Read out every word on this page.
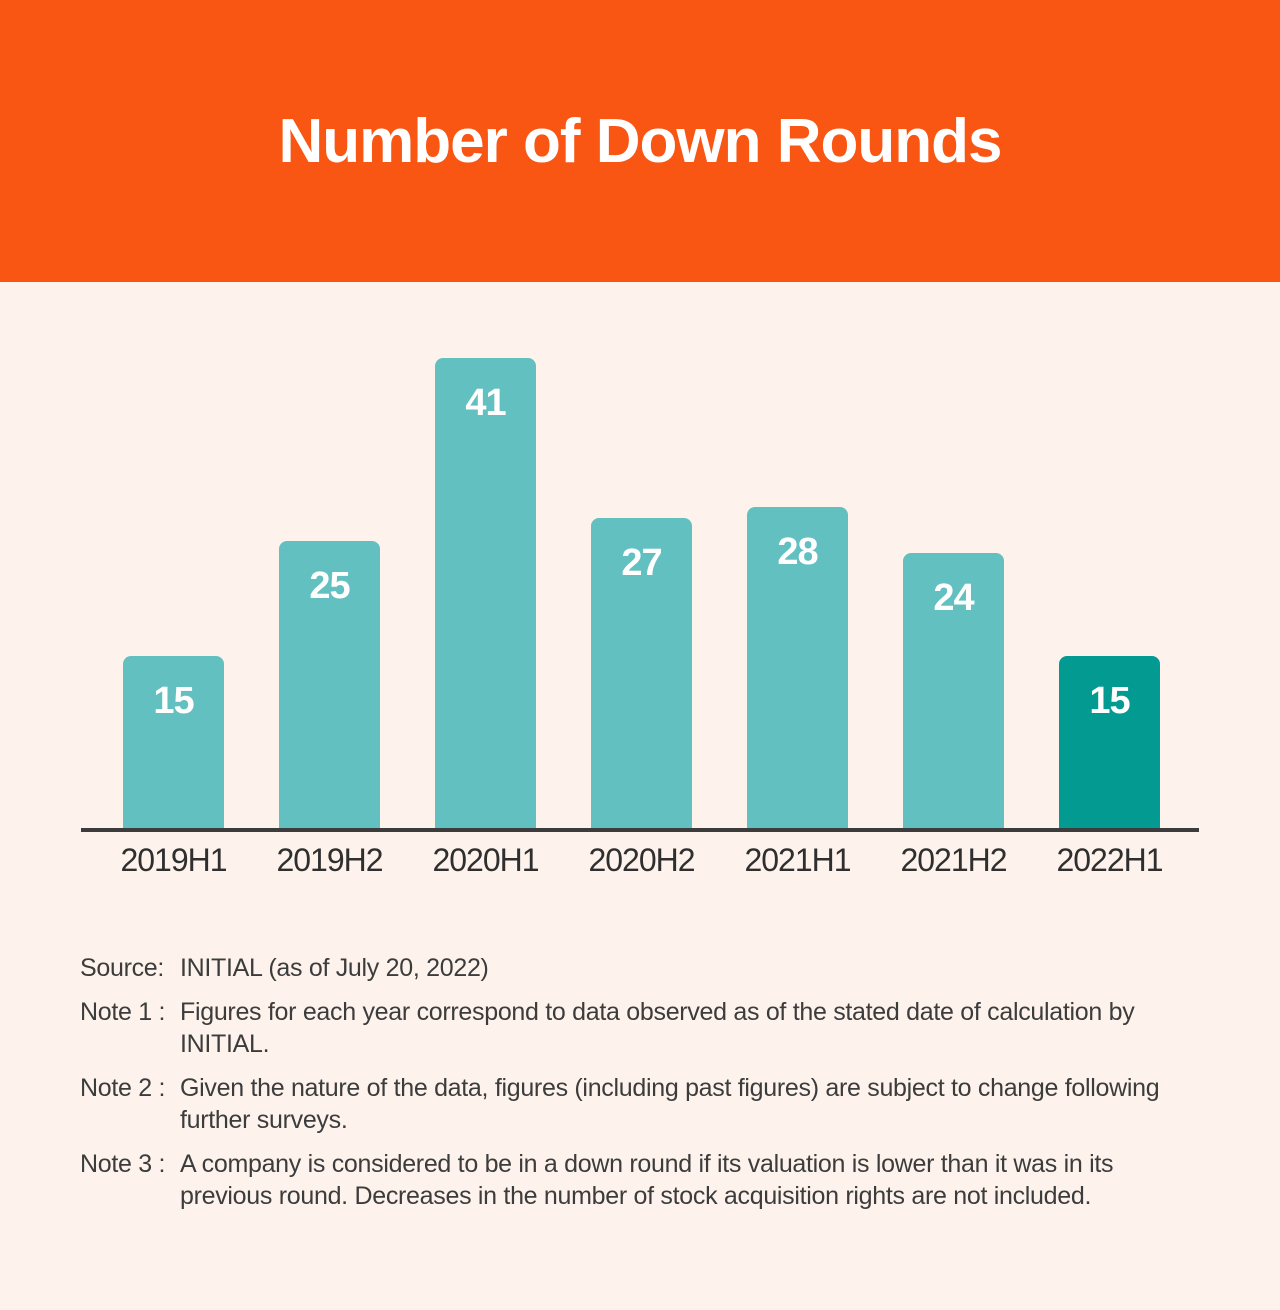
Number of Down Rounds
15
2019H1
25
2019H2
41
2020H1
27
2020H2
28
2021H1
24
2021H2
15
2022H1
Source: INITIAL (as of July 20, 2022)
Note 1 : Figures for each year correspond to data observed as of the stated date of calculation by INITIAL.
Note 2 : Given the nature of the data, figures (including past figures) are subject to change following further surveys.
Note 3 : A company is considered to be in a down round if its valuation is lower than it was in its previous round. Decreases in the number of stock acquisition rights are not included.
